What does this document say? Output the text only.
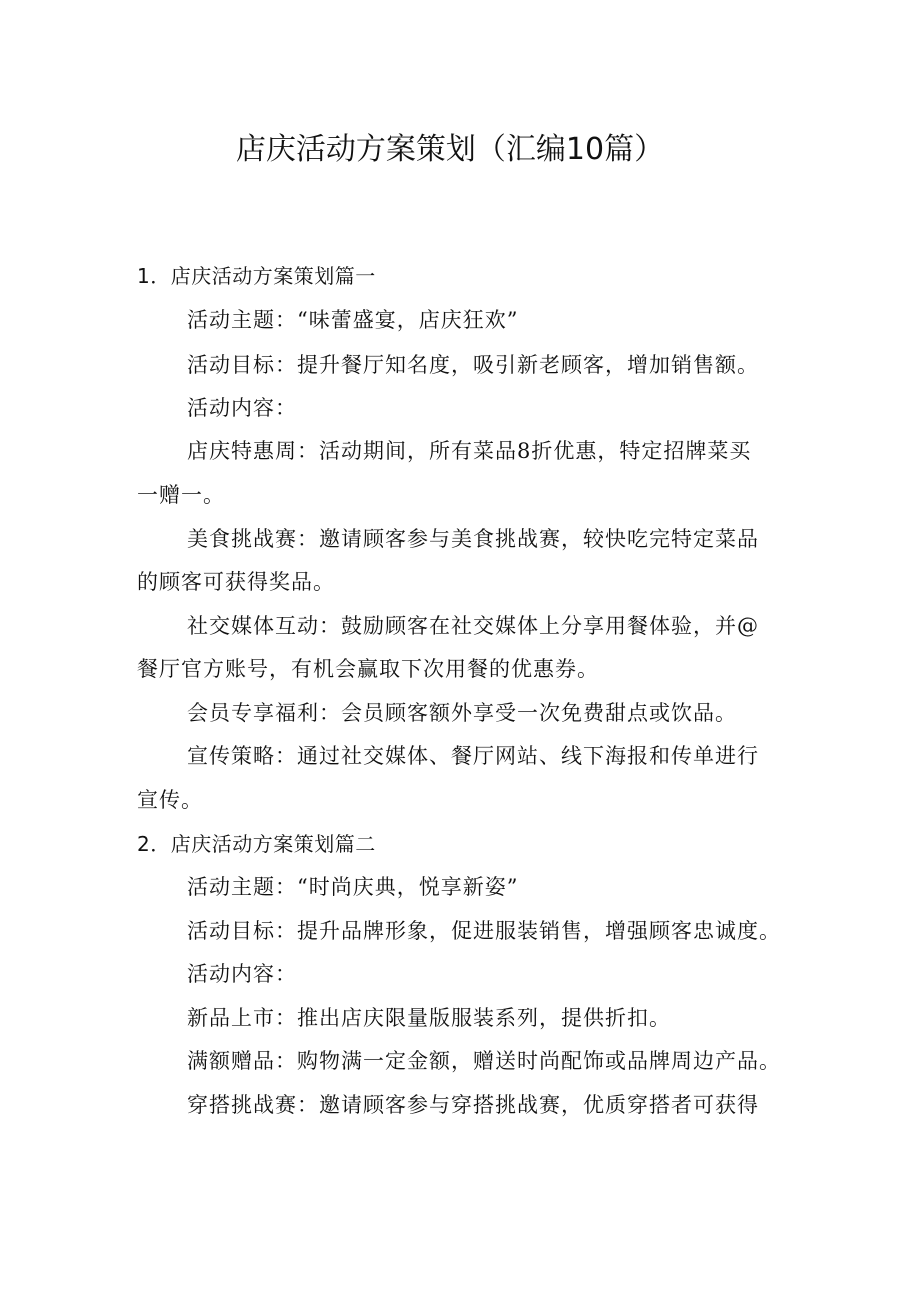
店庆活动方案策划（汇编10篇）
1．店庆活动方案策划篇一
活动主题：“味蕾盛宴，店庆狂欢”
活动目标：提升餐厅知名度，吸引新老顾客，增加销售额。
活动内容：
店庆特惠周：活动期间，所有菜品8折优惠，特定招牌菜买
一赠一。
美食挑战赛：邀请顾客参与美食挑战赛，较快吃完特定菜品
的顾客可获得奖品。
社交媒体互动：鼓励顾客在社交媒体上分享用餐体验，并@
餐厅官方账号，有机会赢取下次用餐的优惠券。
会员专享福利：会员顾客额外享受一次免费甜点或饮品。
宣传策略：通过社交媒体、餐厅网站、线下海报和传单进行
宣传。
2．店庆活动方案策划篇二
活动主题：“时尚庆典，悦享新姿”
活动目标：提升品牌形象，促进服装销售，增强顾客忠诚度。
活动内容：
新品上市：推出店庆限量版服装系列，提供折扣。
满额赠品：购物满一定金额，赠送时尚配饰或品牌周边产品。
穿搭挑战赛：邀请顾客参与穿搭挑战赛，优质穿搭者可获得
